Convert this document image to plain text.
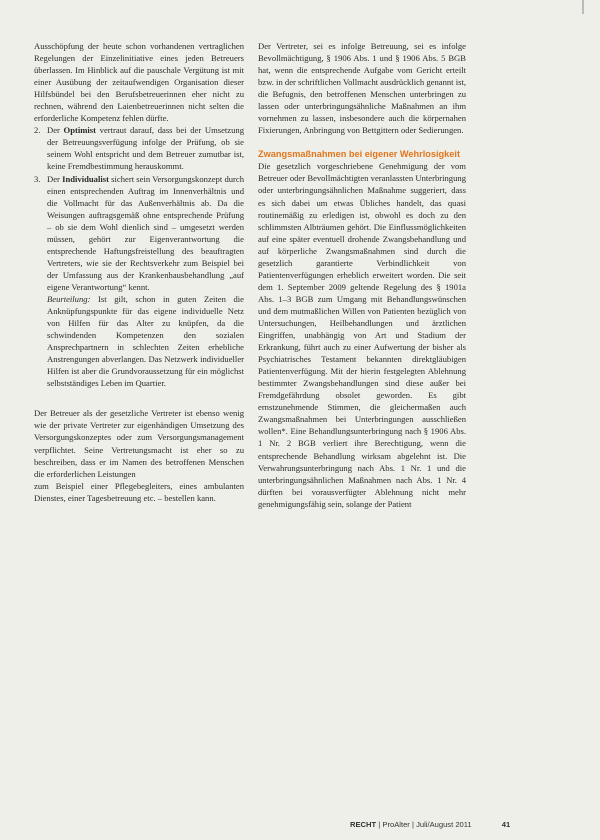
Ausschöpfung der heute schon vorhandenen vertraglichen Regelungen der Einzelinitiative eines jeden Betreuers überlassen. Im Hinblick auf die pauschale Vergütung ist mit einer Ausübung der zeitaufwendigen Organisation dieser Hilfsbündel bei den Berufsbetreuerinnen eher nicht zu rechnen, während den Laienbetreuerinnen nicht selten die erforderliche Kompetenz fehlen dürfte.

2. Der Optimist vertraut darauf, dass bei der Umsetzung der Betreuungsverfügung infolge der Prüfung, ob sie seinem Wohl entspricht und dem Betreuer zumutbar ist, keine Fremdbestimmung herauskommt.

3. Der Individualist sichert sein Versorgungskonzept durch einen entsprechenden Auftrag im Innenverhältnis und die Vollmacht für das Außenverhältnis ab. Da die Weisungen auftragsgemäß ohne entsprechende Prüfung – ob sie dem Wohl dienlich sind – umgesetzt werden müssen, gehört zur Eigenverantwortung die entsprechende Haftungsfreistellung des beauftragten Vertreters, wie sie der Rechtsverkehr zum Beispiel bei der Umfassung aus der Krankenhausbehandlung „auf eigene Verantwortung“ kennt.

Beurteilung: Ist gilt, schon in guten Zeiten die Anknüpfungspunkte für das eigene individuelle Netz von Hilfen für das Alter zu knüpfen, da die schwindenden Kompetenzen den sozialen Ansprechpartnern in schlechten Zeiten erhebliche Anstrengungen abverlangen. Das Netzwerk individueller Hilfen ist aber die Grundvoraussetzung für ein möglichst selbstständiges Leben im Quartier.

Der Betreuer als der gesetzliche Vertreter ist ebenso wenig wie der private Vertreter zur eigenhändigen Umsetzung des Versorgungskonzeptes oder zum Versorgungsmanagement verpflichtet. Seine Vertretungsmacht ist eher so zu beschreiben, dass er im Namen des betroffenen Menschen die erforderlichen Leistungen

zum Beispiel einer Pflegebegleiters, eines ambulanten Dienstes, einer Tagesbetreuung etc. – bestellen kann.

Der Vertreter, sei es infolge Betreuung, sei es infolge Bevollmächtigung, § 1906 Abs. 1 und § 1906 Abs. 5 BGB hat, wenn die entsprechende Aufgabe vom Gericht erteilt bzw. in der schriftlichen Vollmacht ausdrücklich genannt ist, die Befugnis, den betroffenen Menschen unterbringen zu lassen oder unterbringungsähnliche Maßnahmen an ihm vornehmen zu lassen, insbesondere auch die körpernahen Fixierungen, Anbringung von Bettgittern oder Sedierungen.

Zwangsmaßnahmen bei eigener Wehrlosigkeit

Die gesetzlich vorgeschriebene Genehmigung der vom Betreuer oder Bevollmächtigten veranlassten Unterbringung oder unterbringungsähnlichen Maßnahme suggeriert, dass es sich dabei um etwas Übliches handelt, das quasi routinemäßig zu erledigen ist, obwohl es doch zu den schlimmsten Albträumen gehört. Die Einflussmöglichkeiten auf eine später eventuell drohende Zwangsbehandlung und auf körperliche Zwangsmaßnahmen sind durch die gesetzlich garantierte Verbindlichkeit von Patientenverfügungen erheblich erweitert worden. Die seit dem 1. September 2009 geltende Regelung des § 1901a Abs. 1–3 BGB zum Umgang mit Behandlungswünschen und dem mutmaßlichen Willen von Patienten bezüglich von Untersuchungen, Heilbehandlungen und ärztlichen Eingriffen, unabhängig von Art und Stadium der Erkrankung, führt auch zu einer Aufwertung der bisher als Psychiatrisches Testament bekannten direktgläubigen Patientenverfügung. Mit der hierin festgelegten Ablehnung bestimmter Zwangsbehandlungen sind diese außer bei Fremdgefährdung obsolet geworden. Es gibt ernstzunehmende Stimmen, die gleichermaßen auch Zwangsmaßnahmen bei Unterbringungen ausschließen wollen*. Eine Behandlungsunterbringung nach § 1906 Abs. 1 Nr. 2 BGB verliert ihre Berechtigung, wenn die entsprechende Behandlung wirksam abgelehnt ist. Die Verwahrungsunterbringung nach Abs. 1 Nr. 1 und die unterbringungsähnlichen Maßnahmen nach Abs. 1 Nr. 4 dürften bei vorausverfügter Ablehnung nicht mehr genehmigungsfähig sein, solange der Patient

RECHT | ProAlter | Juli/August 2011	41
